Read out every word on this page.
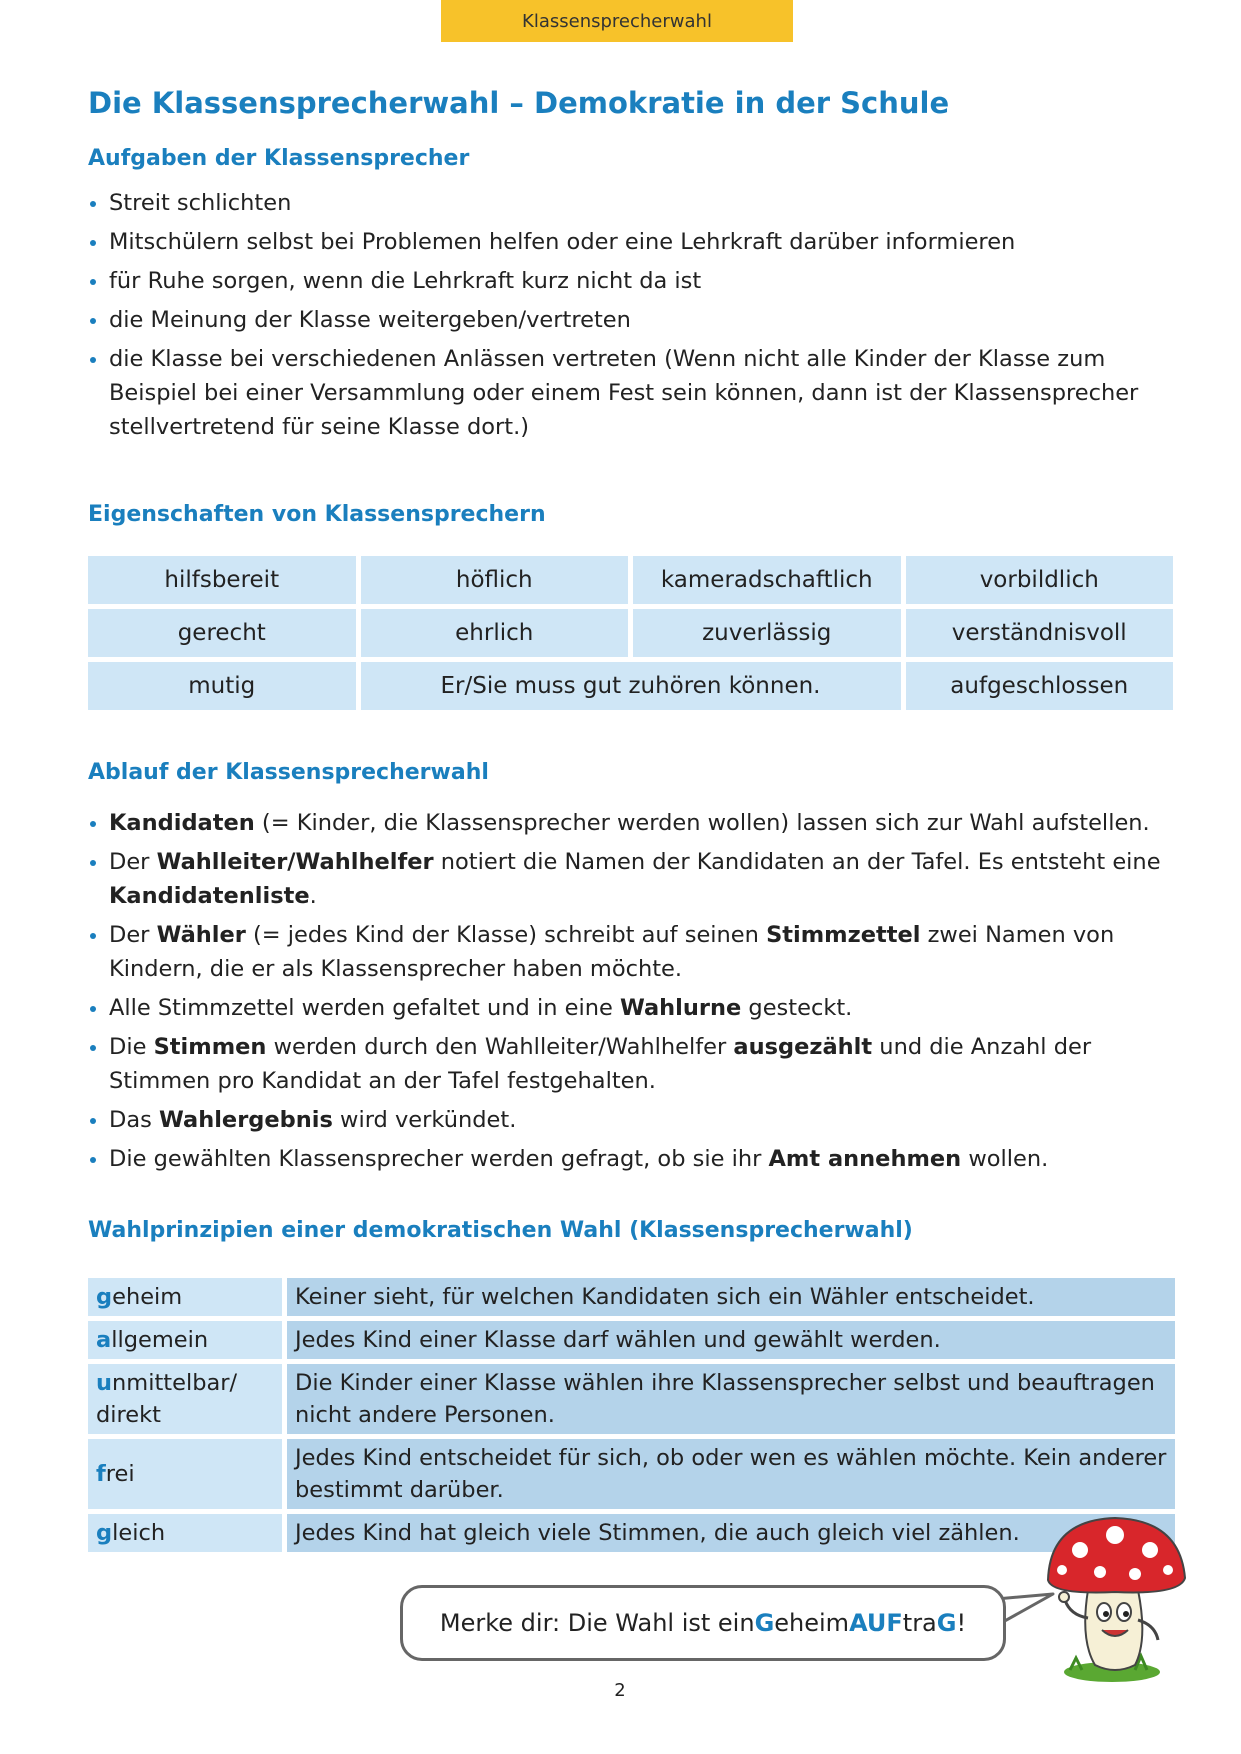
Klassensprecherwahl
Die Klassensprecherwahl – Demokratie in der Schule
Aufgaben der Klassensprecher
Streit schlichten
Mitschülern selbst bei Problemen helfen oder eine Lehrkraft darüber informieren
für Ruhe sorgen, wenn die Lehrkraft kurz nicht da ist
die Meinung der Klasse weitergeben/vertreten
die Klasse bei verschiedenen Anlässen vertreten (Wenn nicht alle Kinder der Klasse zum Beispiel bei einer Versammlung oder einem Fest sein können, dann ist der Klassensprecher stellvertretend für seine Klasse dort.)
Eigenschaften von Klassensprechern
hilfsbereit	höflich	kameradschaftlich	vorbildlich
gerecht	ehrlich	zuverlässig	verständnisvoll
mutig	Er/Sie muss gut zuhören können.	aufgeschlossen
Ablauf der Klassensprecherwahl
Kandidaten (= Kinder, die Klassensprecher werden wollen) lassen sich zur Wahl aufstellen.
Der Wahlleiter/Wahlhelfer notiert die Namen der Kandidaten an der Tafel. Es entsteht eine Kandidatenliste.
Der Wähler (= jedes Kind der Klasse) schreibt auf seinen Stimmzettel zwei Namen von Kindern, die er als Klassensprecher haben möchte.
Alle Stimmzettel werden gefaltet und in eine Wahlurne gesteckt.
Die Stimmen werden durch den Wahlleiter/Wahlhelfer ausgezählt und die Anzahl der Stimmen pro Kandidat an der Tafel festgehalten.
Das Wahlergebnis wird verkündet.
Die gewählten Klassensprecher werden gefragt, ob sie ihr Amt annehmen wollen.
Wahlprinzipien einer demokratischen Wahl (Klassensprecherwahl)
geheim	Keiner sieht, für welchen Kandidaten sich ein Wähler entscheidet.
allgemein	Jedes Kind einer Klasse darf wählen und gewählt werden.
unmittelbar/ direkt	Die Kinder einer Klasse wählen ihre Klassensprecher selbst und beauftragen nicht andere Personen.
frei	Jedes Kind entscheidet für sich, ob oder wen es wählen möchte. Kein anderer bestimmt darüber.
gleich	Jedes Kind hat gleich viele Stimmen, die auch gleich viel zählen.
Merke dir: Die Wahl ist ein G eheim AUF tra G !
2
